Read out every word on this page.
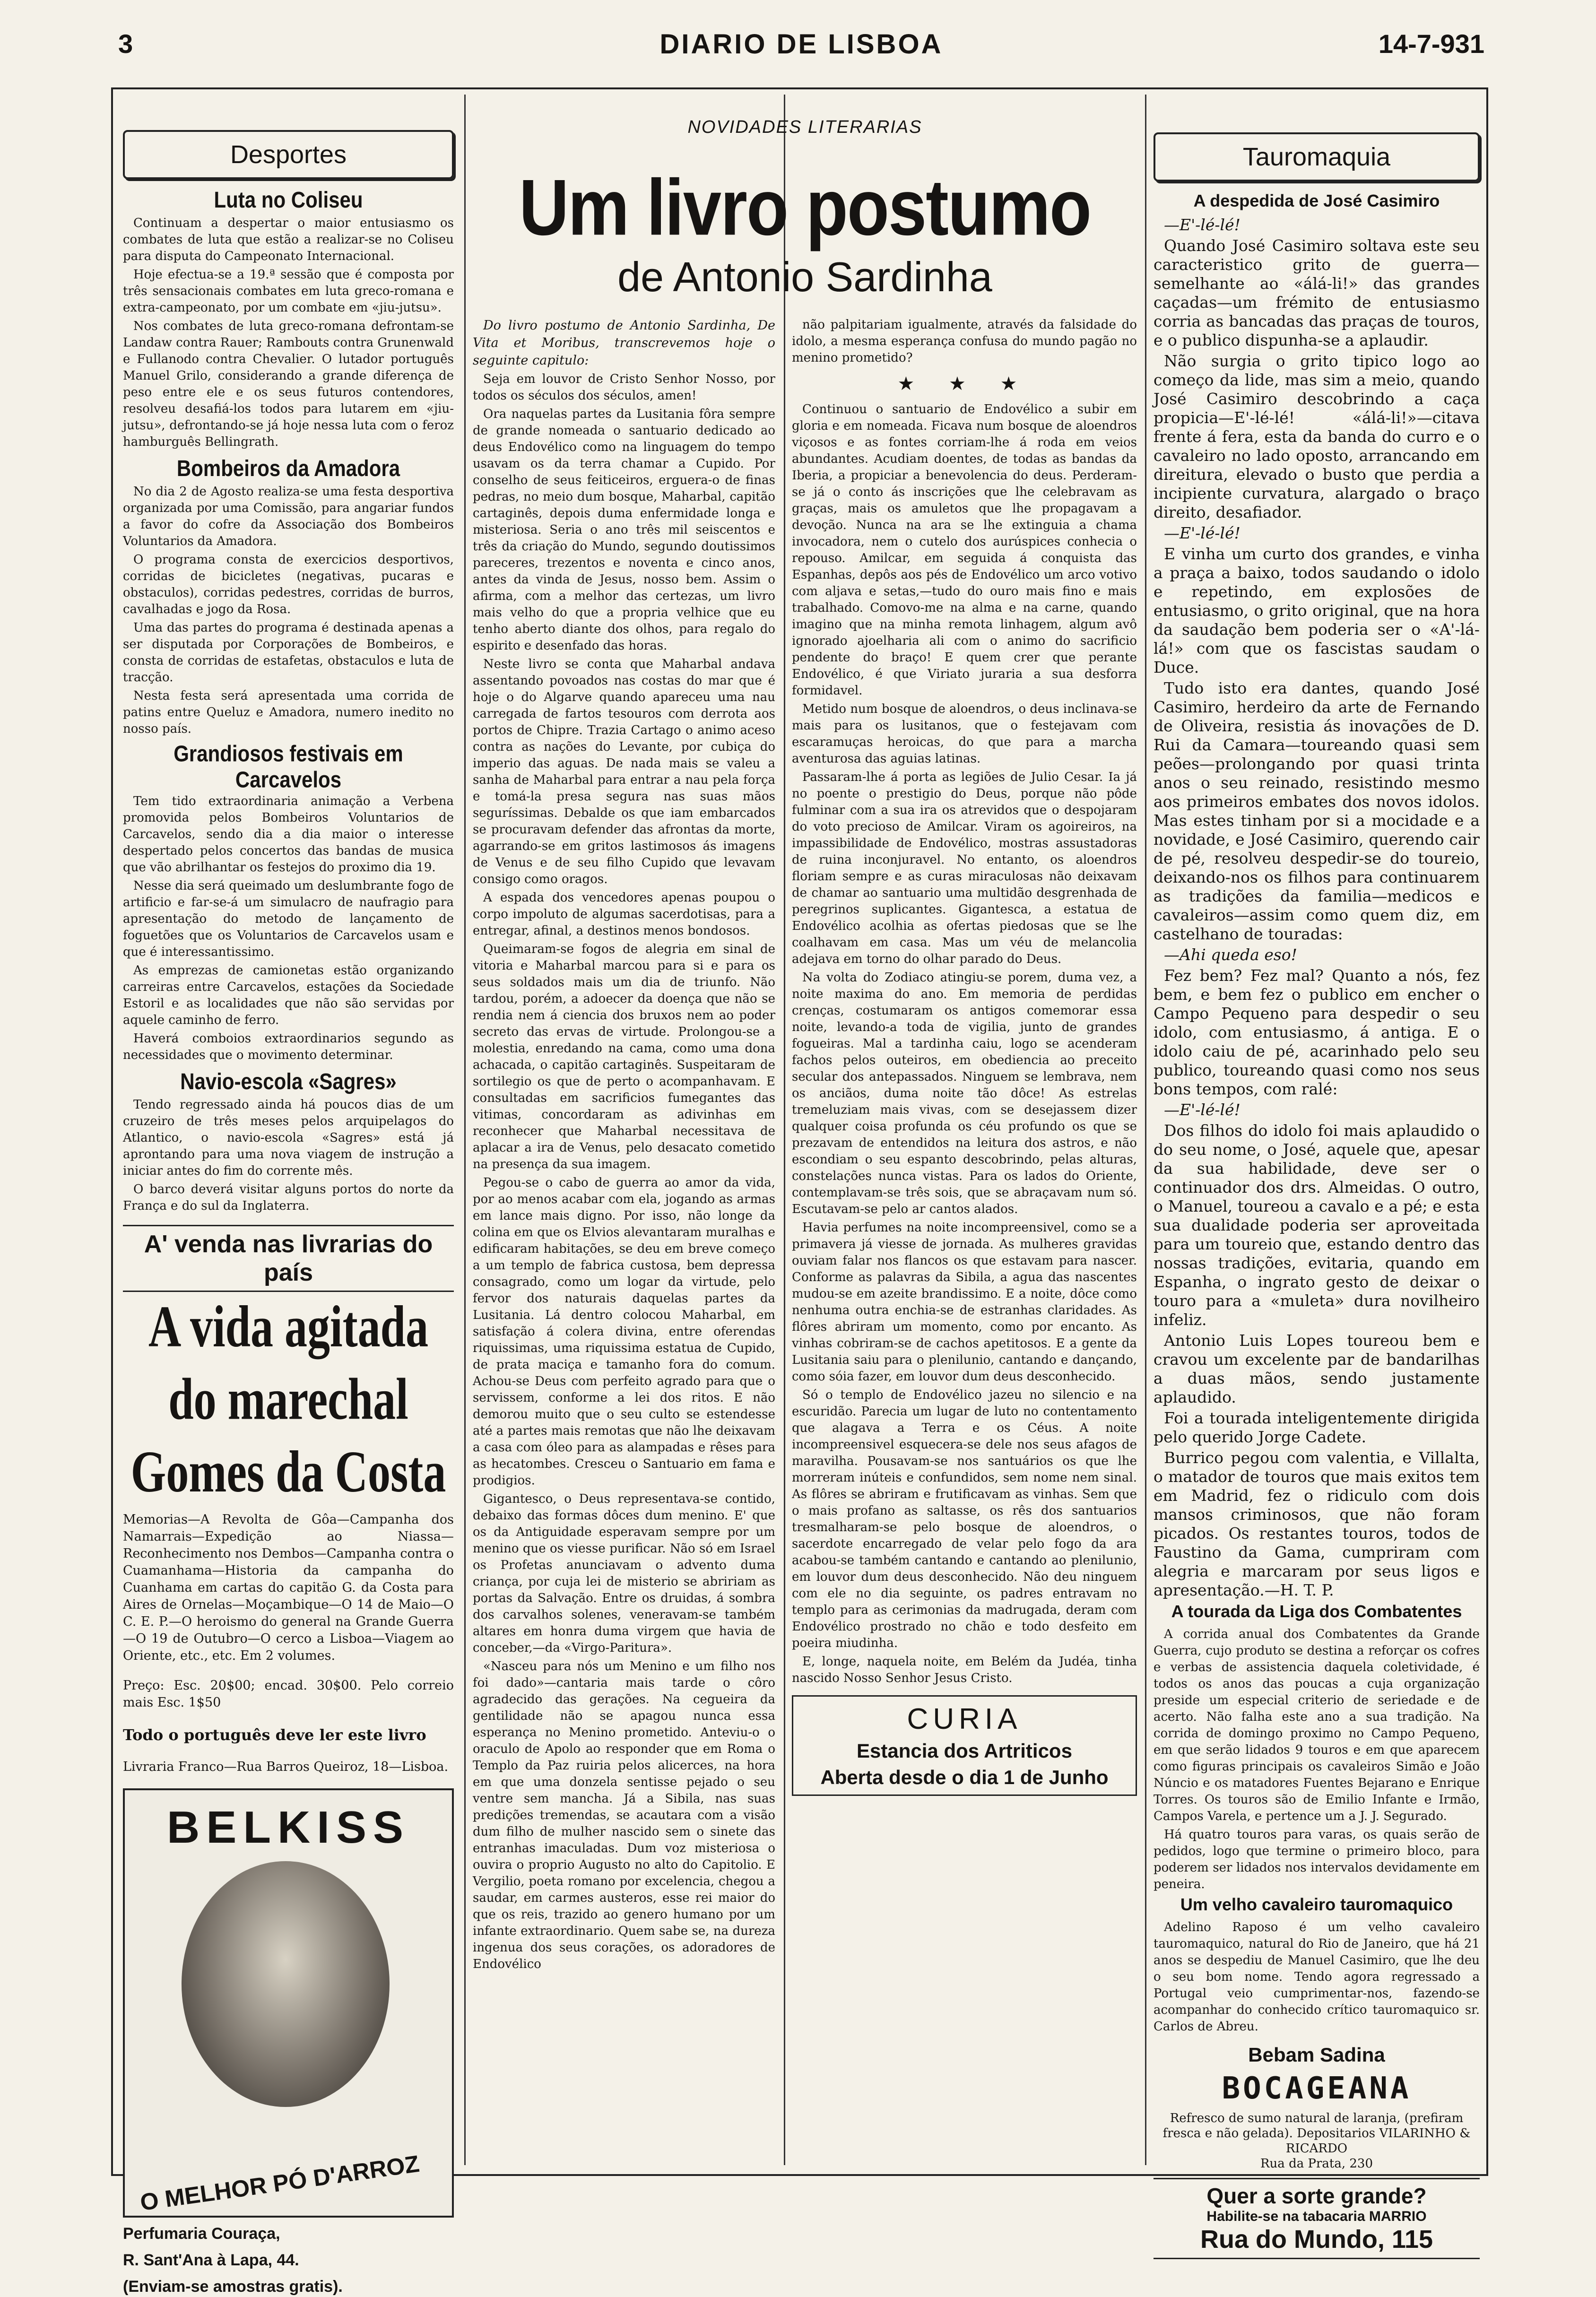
3	DIARIO DE LISBOA	14-7-931
Desportes
Luta no Coliseu

Continuam a despertar o maior entusiasmo os combates de luta que estão a realizar-se no Coliseu para disputa do Campeonato Internacional.

Hoje efectua-se a 19.ª sessão que é composta por três sensacionais combates em luta greco-romana e extra-campeonato, por um combate em «jiu-jutsu».

Nos combates de luta greco-romana defrontam-se Landaw contra Rauer; Rambouts contra Grunenwald e Fullanodo contra Chevalier. O lutador português Manuel Grilo, considerando a grande diferença de peso entre ele e os seus futuros contendores, resolveu desafiá-los todos para lutarem em «jiu-jutsu», defrontando-se já hoje nessa luta com o feroz hamburguês Bellingrath.

Bombeiros da Amadora

No dia 2 de Agosto realiza-se uma festa desportiva organizada por uma Comissão, para angariar fundos a favor do cofre da Associação dos Bombeiros Voluntarios da Amadora.

O programa consta de exercicios desportivos, corridas de bicicletes (negativas, pucaras e obstaculos), corridas pedestres, corridas de burros, cavalhadas e jogo da Rosa.

Uma das partes do programa é destinada apenas a ser disputada por Corporações de Bombeiros, e consta de corridas de estafetas, obstaculos e luta de tracção.

Nesta festa será apresentada uma corrida de patins entre Queluz e Amadora, numero inedito no nosso país.

Grandiosos festivais em Carcavelos

Tem tido extraordinaria animação a Verbena promovida pelos Bombeiros Voluntarios de Carcavelos, sendo dia a dia maior o interesse despertado pelos concertos das bandas de musica que vão abrilhantar os festejos do proximo dia 19.

Nesse dia será queimado um deslumbrante fogo de artificio e far-se-á um simulacro de naufragio para apresentação do metodo de lançamento de foguetões que os Voluntarios de Carcavelos usam e que é interessantissimo.

As emprezas de camionetas estão organizando carreiras entre Carcavelos, estações da Sociedade Estoril e as localidades que não são servidas por aquele caminho de ferro.

Haverá comboios extraordinarios segundo as necessidades que o movimento determinar.

Navio-escola «Sagres»

Tendo regressado ainda há poucos dias de um cruzeiro de três meses pelos arquipelagos do Atlantico, o navio-escola «Sagres» está já aprontando para uma nova viagem de instrução a iniciar antes do fim do corrente mês.

O barco deverá visitar alguns portos do norte da França e do sul da Inglaterra.

A' venda nas livrarias do país
A vida agitada do marechal Gomes da Costa

Memorias—A Revolta de Gôa—Campanha dos Namarrais—Expedição ao Niassa—Reconhecimento nos Dembos—Campanha contra o Cuamanhama—Historia da campanha do Cuanhama em cartas do capitão G. da Costa para Aires de Ornelas—Moçambique—O 14 de Maio—O C. E. P.—O heroismo do general na Grande Guerra—O 19 de Outubro—O cerco a Lisboa—Viagem ao Oriente, etc., etc. Em 2 volumes.

Preço: Esc. 20$00; encad. 30$00. Pelo correio mais Esc. 1$50

Todo o português deve ler este livro

Livraria Franco—Rua Barros Queiroz, 18—Lisboa.

BELKISS
O MELHOR PÓ D'ARROZ
Perfumaria Couraça,
R. Sant'Ana à Lapa, 44.
(Enviam-se amostras gratis).
NOVIDADES LITERARIAS
Um livro postumo
de Antonio Sardinha

Do livro postumo de Antonio Sardinha, De Vita et Moribus, transcrevemos hoje o seguinte capitulo:

Seja em louvor de Cristo Senhor Nosso, por todos os séculos dos séculos, amen!

Ora naquelas partes da Lusitania fôra sempre de grande nomeada o santuario dedicado ao deus Endovélico como na linguagem do tempo usavam os da terra chamar a Cupido. Por conselho de seus feiticeiros, erguera-o de finas pedras, no meio dum bosque, Maharbal, capitão cartaginês, depois duma enfermidade longa e misteriosa. Seria o ano três mil seiscentos e três da criação do Mundo, segundo doutissimos pareceres, trezentos e noventa e cinco anos, antes da vinda de Jesus, nosso bem. Assim o afirma, com a melhor das certezas, um livro mais velho do que a propria velhice que eu tenho aberto diante dos olhos, para regalo do espirito e desenfado das horas.

Neste livro se conta que Maharbal andava assentando povoados nas costas do mar que é hoje o do Algarve quando apareceu uma nau carregada de fartos tesouros com derrota aos portos de Chipre. Trazia Cartago o animo aceso contra as nações do Levante, por cubiça do imperio das aguas. De nada mais se valeu a sanha de Maharbal para entrar a nau pela força e tomá-la presa segura nas suas mãos seguríssimas. Debalde os que iam embarcados se procuravam defender das afrontas da morte, agarrando-se em gritos lastimosos ás imagens de Venus e de seu filho Cupido que levavam consigo como oragos.

A espada dos vencedores apenas poupou o corpo impoluto de algumas sacerdotisas, para a entregar, afinal, a destinos menos bondosos.

Queimaram-se fogos de alegria em sinal de vitoria e Maharbal marcou para si e para os seus soldados mais um dia de triunfo. Não tardou, porém, a adoecer da doença que não se rendia nem á ciencia dos bruxos nem ao poder secreto das ervas de virtude. Prolongou-se a molestia, enredando na cama, como uma dona achacada, o capitão cartaginês. Suspeitaram de sortilegio os que de perto o acompanhavam. E consultadas em sacrificios fumegantes das vitimas, concordaram as adivinhas em reconhecer que Maharbal necessitava de aplacar a ira de Venus, pelo desacato cometido na presença da sua imagem.

Pegou-se o cabo de guerra ao amor da vida, por ao menos acabar com ela, jogando as armas em lance mais digno. Por isso, não longe da colina em que os Elvios alevantaram muralhas e edificaram habitações, se deu em breve começo a um templo de fabrica custosa, bem depressa consagrado, como um logar da virtude, pelo fervor dos naturais daquelas partes da Lusitania. Lá dentro colocou Maharbal, em satisfação á colera divina, entre oferendas riquissimas, uma riquissima estatua de Cupido, de prata maciça e tamanho fora do comum. Achou-se Deus com perfeito agrado para que o servissem, conforme a lei dos ritos. E não demorou muito que o seu culto se estendesse até a partes mais remotas que não lhe deixavam a casa com óleo para as alampadas e rêses para as hecatombes. Cresceu o Santuario em fama e prodigios.

Gigantesco, o Deus representava-se contido, debaixo das formas dôces dum menino. E' que os da Antiguidade esperavam sempre por um menino que os viesse purificar. Não só em Israel os Profetas anunciavam o advento duma criança, por cuja lei de misterio se abririam as portas da Salvação. Entre os druidas, á sombra dos carvalhos solenes, veneravam-se também altares em honra duma virgem que havia de conceber,—da «Virgo-Paritura».

«Nasceu para nós um Menino e um filho nos foi dado»—cantaria mais tarde o côro agradecido das gerações. Na cegueira da gentilidade não se apagou nunca essa esperança no Menino prometido. Anteviu-o o oraculo de Apolo ao responder que em Roma o Templo da Paz ruiria pelos alicerces, na hora em que uma donzela sentisse pejado o seu ventre sem mancha. Já a Sibila, nas suas predições tremendas, se acautara com a visão dum filho de mulher nascido sem o sinete das entranhas imaculadas. Dum voz misteriosa o ouvira o proprio Augusto no alto do Capitolio. E Vergilio, poeta romano por excelencia, chegou a saudar, em carmes austeros, esse rei maior do que os reis, trazido ao genero humano por um infante extraordinario. Quem sabe se, na dureza ingenua dos seus corações, os adoradores de Endovélico

não palpitariam igualmente, através da falsidade do idolo, a mesma esperança confusa do mundo pagão no menino prometido?

★ ★ ★

Continuou o santuario de Endovélico a subir em gloria e em nomeada. Ficava num bosque de aloendros viçosos e as fontes corriam-lhe á roda em veios abundantes. Acudiam doentes, de todas as bandas da Iberia, a propiciar a benevolencia do deus. Perderam-se já o conto ás inscrições que lhe celebravam as graças, mais os amuletos que lhe propagavam a devoção. Nunca na ara se lhe extinguia a chama invocadora, nem o cutelo dos aurúspices conhecia o repouso. Amilcar, em seguida á conquista das Espanhas, depôs aos pés de Endovélico um arco votivo com aljava e setas,—tudo do ouro mais fino e mais trabalhado. Comovo-me na alma e na carne, quando imagino que na minha remota linhagem, algum avô ignorado ajoelharia ali com o animo do sacrificio pendente do braço! E quem crer que perante Endovélico, é que Viriato juraria a sua desforra formidavel.

Metido num bosque de aloendros, o deus inclinava-se mais para os lusitanos, que o festejavam com escaramuças heroicas, do que para a marcha aventurosa das aguias latinas.

Passaram-lhe á porta as legiões de Julio Cesar. Ia já no poente o prestigio do Deus, porque não pôde fulminar com a sua ira os atrevidos que o despojaram do voto precioso de Amilcar. Viram os agoireiros, na impassibilidade de Endovélico, mostras assustadoras de ruina inconjuravel. No entanto, os aloendros floriam sempre e as curas miraculosas não deixavam de chamar ao santuario uma multidão desgrenhada de peregrinos suplicantes. Gigantesca, a estatua de Endovélico acolhia as ofertas piedosas que se lhe coalhavam em casa. Mas um véu de melancolia adejava em torno do olhar parado do Deus.

Na volta do Zodiaco atingiu-se porem, duma vez, a noite maxima do ano. Em memoria de perdidas crenças, costumaram os antigos comemorar essa noite, levando-a toda de vigilia, junto de grandes fogueiras. Mal a tardinha caiu, logo se acenderam fachos pelos outeiros, em obediencia ao preceito secular dos antepassados. Ninguem se lembrava, nem os anciãos, duma noite tão dôce! As estrelas tremeluziam mais vivas, com se desejassem dizer qualquer coisa profunda os céu profundo os que se prezavam de entendidos na leitura dos astros, e não escondiam o seu espanto descobrindo, pelas alturas, constelações nunca vistas. Para os lados do Oriente, contemplavam-se três sois, que se abraçavam num só. Escutavam-se pelo ar cantos alados.

Havia perfumes na noite incompreensivel, como se a primavera já viesse de jornada. As mulheres gravidas ouviam falar nos flancos os que estavam para nascer. Conforme as palavras da Sibila, a agua das nascentes mudou-se em azeite brandissimo. E a noite, dôce como nenhuma outra enchia-se de estranhas claridades. As flôres abriram um momento, como por encanto. As vinhas cobriram-se de cachos apetitosos. E a gente da Lusitania saiu para o plenilunio, cantando e dançando, como sóia fazer, em louvor dum deus desconhecido.

Só o templo de Endovélico jazeu no silencio e na escuridão. Parecia um lugar de luto no contentamento que alagava a Terra e os Céus. A noite incompreensivel esquecera-se dele nos seus afagos de maravilha. Pousavam-se nos santuários os que lhe morreram inúteis e confundidos, sem nome nem sinal. As flôres se abriram e frutificavam as vinhas. Sem que o mais profano as saltasse, os rês dos santuarios tresmalharam-se pelo bosque de aloendros, o sacerdote encarregado de velar pelo fogo da ara acabou-se também cantando e cantando ao plenilunio, em louvor dum deus desconhecido. Não deu ninguem com ele no dia seguinte, os padres entravam no templo para as cerimonias da madrugada, deram com Endovélico prostrado no chão e todo desfeito em poeira miudinha.

E, longe, naquela noite, em Belém da Judéa, tinha nascido Nosso Senhor Jesus Cristo.

CURIA
Estancia dos Artriticos
Aberta desde o dia 1 de Junho
Tauromaquia
A despedida de José Casimiro

—E'-lé-lé!

Quando José Casimiro soltava este seu caracteristico grito de guerra—semelhante ao «álá-li!» das grandes caçadas—um frémito de entusiasmo corria as bancadas das praças de touros, e o publico dispunha-se a aplaudir.

Não surgia o grito tipico logo ao começo da lide, mas sim a meio, quando José Casimiro descobrindo a caça propicia—E'-lé-lé! «álá-li!»—citava frente á fera, esta da banda do curro e o cavaleiro no lado oposto, arrancando em direitura, elevado o busto que perdia a incipiente curvatura, alargado o braço direito, desafiador.

—E'-lé-lé!

E vinha um curto dos grandes, e vinha a praça a baixo, todos saudando o idolo e repetindo, em explosões de entusiasmo, o grito original, que na hora da saudação bem poderia ser o «A'-lá-lá!» com que os fascistas saudam o Duce.

Tudo isto era dantes, quando José Casimiro, herdeiro da arte de Fernando de Oliveira, resistia ás inovações de D. Rui da Camara—toureando quasi sem peões—prolongando por quasi trinta anos o seu reinado, resistindo mesmo aos primeiros embates dos novos idolos. Mas estes tinham por si a mocidade e a novidade, e José Casimiro, querendo cair de pé, resolveu despedir-se do toureio, deixando-nos os filhos para continuarem as tradições da familia—medicos e cavaleiros—assim como quem diz, em castelhano de touradas:

—Ahi queda eso!

Fez bem? Fez mal? Quanto a nós, fez bem, e bem fez o publico em encher o Campo Pequeno para despedir o seu idolo, com entusiasmo, á antiga. E o idolo caiu de pé, acarinhado pelo seu publico, toureando quasi como nos seus bons tempos, com ralé:

—E'-lé-lé!

Dos filhos do idolo foi mais aplaudido o do seu nome, o José, aquele que, apesar da sua habilidade, deve ser o continuador dos drs. Almeidas. O outro, o Manuel, toureou a cavalo e a pé; e esta sua dualidade poderia ser aproveitada para um toureio que, estando dentro das nossas tradições, evitaria, quando em Espanha, o ingrato gesto de deixar o touro para a «muleta» dura novilheiro infeliz.

Antonio Luis Lopes toureou bem e cravou um excelente par de bandarilhas a duas mãos, sendo justamente aplaudido.

Foi a tourada inteligentemente dirigida pelo querido Jorge Cadete.

Burrico pegou com valentia, e Villalta, o matador de touros que mais exitos tem em Madrid, fez o ridiculo com dois mansos criminosos, que não foram picados. Os restantes touros, todos de Faustino da Gama, cumpriram com alegria e marcaram por seus ligos e apresentação.—H. T. P.

A tourada da Liga dos Combatentes

A corrida anual dos Combatentes da Grande Guerra, cujo produto se destina a reforçar os cofres e verbas de assistencia daquela coletividade, é todos os anos das poucas a cuja organização preside um especial criterio de seriedade e de acerto. Não falha este ano a sua tradição. Na corrida de domingo proximo no Campo Pequeno, em que serão lidados 9 touros e em que aparecem como figuras principais os cavaleiros Simão e João Núncio e os matadores Fuentes Bejarano e Enrique Torres. Os touros são de Emilio Infante e Irmão, Campos Varela, e pertence um a J. J. Segurado.

Há quatro touros para varas, os quais serão de pedidos, logo que termine o primeiro bloco, para poderem ser lidados nos intervalos devidamente em peneira.

Um velho cavaleiro tauromaquico

Adelino Raposo é um velho cavaleiro tauromaquico, natural do Rio de Janeiro, que há 21 anos se despediu de Manuel Casimiro, que lhe deu o seu bom nome. Tendo agora regressado a Portugal veio cumprimentar-nos, fazendo-se acompanhar do conhecido crítico tauromaquico sr. Carlos de Abreu.

Bebam Sadina
BOCAGEANA
Refresco de sumo natural de laranja, (prefiram fresca e não gelada). Depositarios VILARINHO & RICARDO
Rua da Prata, 230
Quer a sorte grande?
Habilite-se na tabacaria MARRIO
Rua do Mundo, 115
